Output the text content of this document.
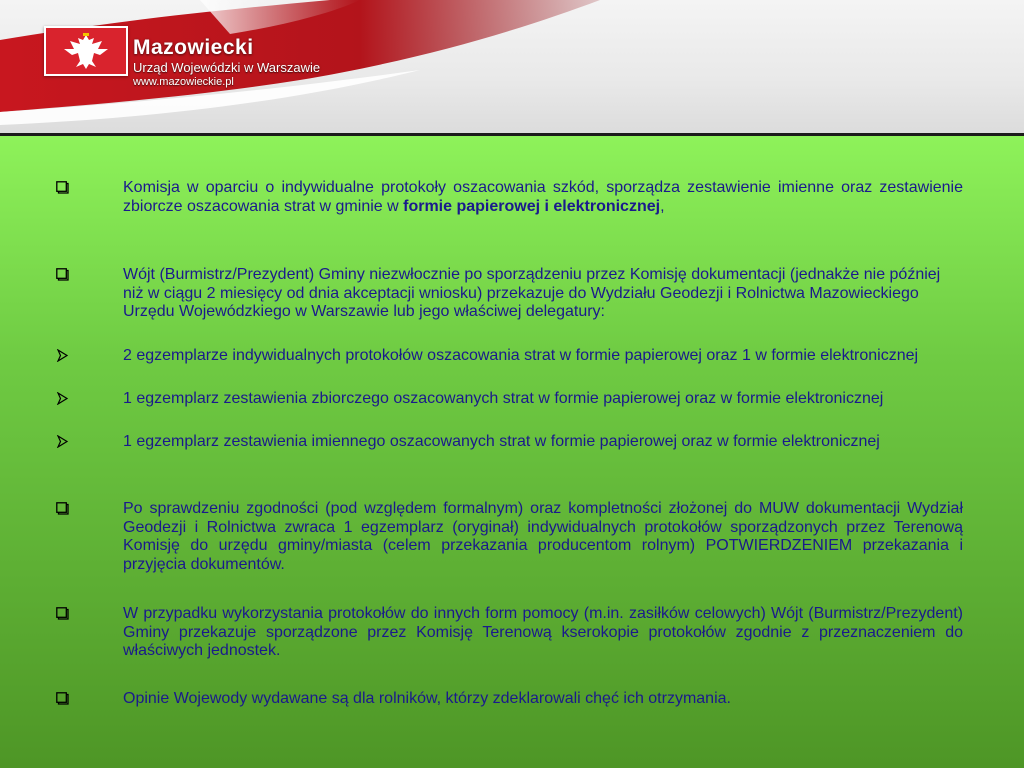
Mazowiecki
Urząd Wojewódzki w Warszawie
www.mazowieckie.pl

Komisja w oparciu o indywidualne protokoły oszacowania szkód, sporządza zestawienie imienne oraz zestawienie zbiorcze oszacowania strat w gminie w formie papierowej i elektronicznej,

Wójt (Burmistrz/Prezydent) Gminy niezwłocznie po sporządzeniu przez Komisję dokumentacji (jednakże nie później niż w ciągu 2 miesięcy od dnia akceptacji wniosku) przekazuje do Wydziału Geodezji i Rolnictwa Mazowieckiego Urzędu Wojewódzkiego w Warszawie lub jego właściwej delegatury:

2 egzemplarze indywidualnych protokołów oszacowania strat w formie papierowej oraz 1 w formie elektronicznej

1 egzemplarz zestawienia zbiorczego oszacowanych strat w formie papierowej oraz w formie elektronicznej

1 egzemplarz zestawienia imiennego oszacowanych strat w formie papierowej oraz w formie elektronicznej

Po sprawdzeniu zgodności (pod względem formalnym) oraz kompletności złożonej do MUW dokumentacji Wydział Geodezji i Rolnictwa zwraca 1 egzemplarz (oryginał) indywidualnych protokołów sporządzonych przez Terenową Komisję do urzędu gminy/miasta (celem przekazania producentom rolnym) POTWIERDZENIEM przekazania i przyjęcia dokumentów.

W przypadku wykorzystania protokołów do innych form pomocy (m.in. zasiłków celowych) Wójt (Burmistrz/Prezydent) Gminy przekazuje sporządzone przez Komisję Terenową kserokopie protokołów zgodnie z przeznaczeniem do właściwych jednostek.

Opinie Wojewody wydawane są dla rolników, którzy zdeklarowali chęć ich otrzymania.
